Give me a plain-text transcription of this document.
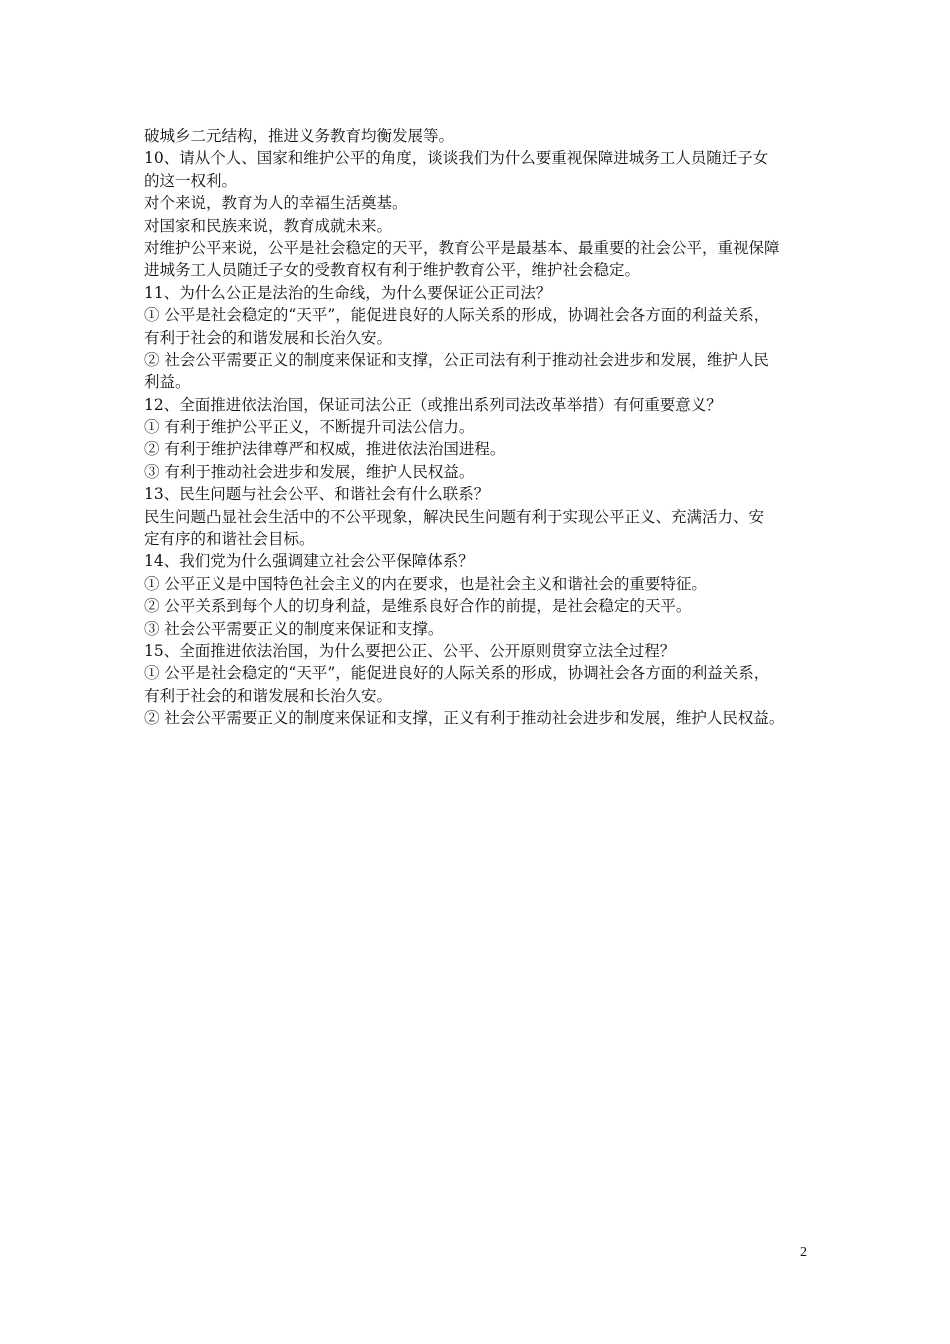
破城乡二元结构，推进义务教育均衡发展等。
10、请从个人、国家和维护公平的角度，谈谈我们为什么要重视保障进城务工人员随迁子女
的这一权利。
对个来说，教育为人的幸福生活奠基。
对国家和民族来说，教育成就未来。
对维护公平来说，公平是社会稳定的天平，教育公平是最基本、最重要的社会公平，重视保障
进城务工人员随迁子女的受教育权有利于维护教育公平，维护社会稳定。
11、为什么公正是法治的生命线，为什么要保证公正司法？
① 公平是社会稳定的“天平”，能促进良好的人际关系的形成，协调社会各方面的利益关系，
有利于社会的和谐发展和长治久安。
② 社会公平需要正义的制度来保证和支撑，公正司法有利于推动社会进步和发展，维护人民
利益。
12、全面推进依法治国，保证司法公正（或推出系列司法改革举措）有何重要意义？
① 有利于维护公平正义，不断提升司法公信力。
② 有利于维护法律尊严和权威，推进依法治国进程。
③ 有利于推动社会进步和发展，维护人民权益。
13、民生问题与社会公平、和谐社会有什么联系？
民生问题凸显社会生活中的不公平现象，解决民生问题有利于实现公平正义、充满活力、安
定有序的和谐社会目标。
14、我们党为什么强调建立社会公平保障体系？
① 公平正义是中国特色社会主义的内在要求，也是社会主义和谐社会的重要特征。
② 公平关系到每个人的切身利益，是维系良好合作的前提，是社会稳定的天平。
③ 社会公平需要正义的制度来保证和支撑。
15、全面推进依法治国，为什么要把公正、公平、公开原则贯穿立法全过程？
① 公平是社会稳定的“天平”，能促进良好的人际关系的形成，协调社会各方面的利益关系，
有利于社会的和谐发展和长治久安。
② 社会公平需要正义的制度来保证和支撑，正义有利于推动社会进步和发展，维护人民权益。
2
